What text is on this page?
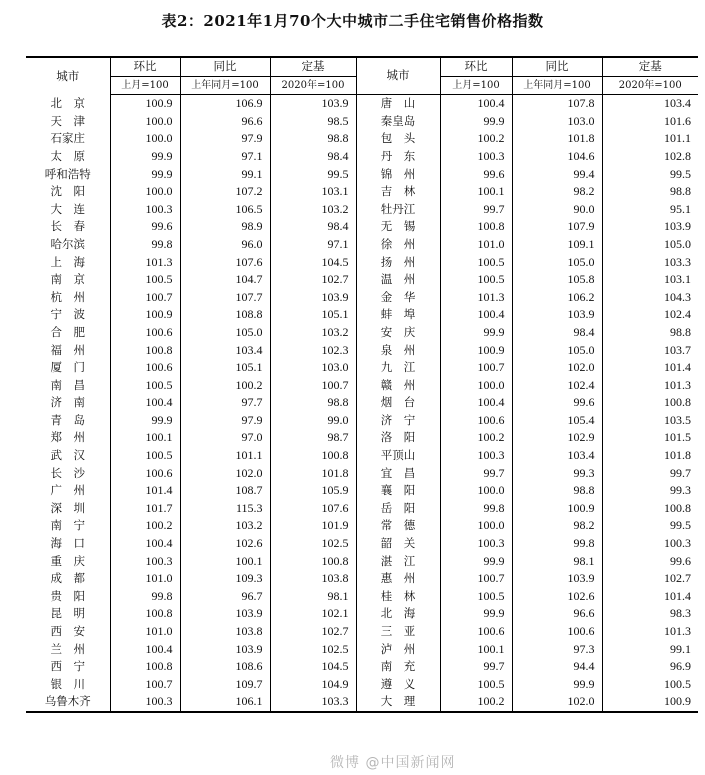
表2：2021年1月70个大中城市二手住宅销售价格指数
城市	环比	同比	定基	城市	环比	同比	定基
	上月=100	上年同月=100	2020年=100		上月=100	上年同月=100	2020年=100
北　京	100.9	106.9	103.9	唐　山	100.4	107.8	103.4
天　津	100.0	96.6	98.5	秦皇岛	99.9	103.0	101.6
石家庄	100.0	97.9	98.8	包　头	100.2	101.8	101.1
太　原	99.9	97.1	98.4	丹　东	100.3	104.6	102.8
呼和浩特	99.9	99.1	99.5	锦　州	99.6	99.4	99.5
沈　阳	100.0	107.2	103.1	吉　林	100.1	98.2	98.8
大　连	100.3	106.5	103.2	牡丹江	99.7	90.0	95.1
长　春	99.6	98.9	98.4	无　锡	100.8	107.9	103.9
哈尔滨	99.8	96.0	97.1	徐　州	101.0	109.1	105.0
上　海	101.3	107.6	104.5	扬　州	100.5	105.0	103.3
南　京	100.5	104.7	102.7	温　州	100.5	105.8	103.1
杭　州	100.7	107.7	103.9	金　华	101.3	106.2	104.3
宁　波	100.9	108.8	105.1	蚌　埠	100.4	103.9	102.4
合　肥	100.6	105.0	103.2	安　庆	99.9	98.4	98.8
福　州	100.8	103.4	102.3	泉　州	100.9	105.0	103.7
厦　门	100.6	105.1	103.0	九　江	100.7	102.0	101.4
南　昌	100.5	100.2	100.7	赣　州	100.0	102.4	101.3
济　南	100.4	97.7	98.8	烟　台	100.4	99.6	100.8
青　岛	99.9	97.9	99.0	济　宁	100.6	105.4	103.5
郑　州	100.1	97.0	98.7	洛　阳	100.2	102.9	101.5
武　汉	100.5	101.1	100.8	平顶山	100.3	103.4	101.8
长　沙	100.6	102.0	101.8	宜　昌	99.7	99.3	99.7
广　州	101.4	108.7	105.9	襄　阳	100.0	98.8	99.3
深　圳	101.7	115.3	107.6	岳　阳	99.8	100.9	100.8
南　宁	100.2	103.2	101.9	常　德	100.0	98.2	99.5
海　口	100.4	102.6	102.5	韶　关	100.3	99.8	100.3
重　庆	100.3	100.1	100.8	湛　江	99.9	98.1	99.6
成　都	101.0	109.3	103.8	惠　州	100.7	103.9	102.7
贵　阳	99.8	96.7	98.1	桂　林	100.5	102.6	101.4
昆　明	100.8	103.9	102.1	北　海	99.9	96.6	98.3
西　安	101.0	103.8	102.7	三　亚	100.6	100.6	101.3
兰　州	100.4	103.9	102.5	泸　州	100.1	97.3	99.1
西　宁	100.8	108.6	104.5	南　充	99.7	94.4	96.9
银　川	100.7	109.7	104.9	遵　义	100.5	99.9	100.5
乌鲁木齐	100.3	106.1	103.3	大　理	100.2	102.0	100.9
微博 @中国新闻网
